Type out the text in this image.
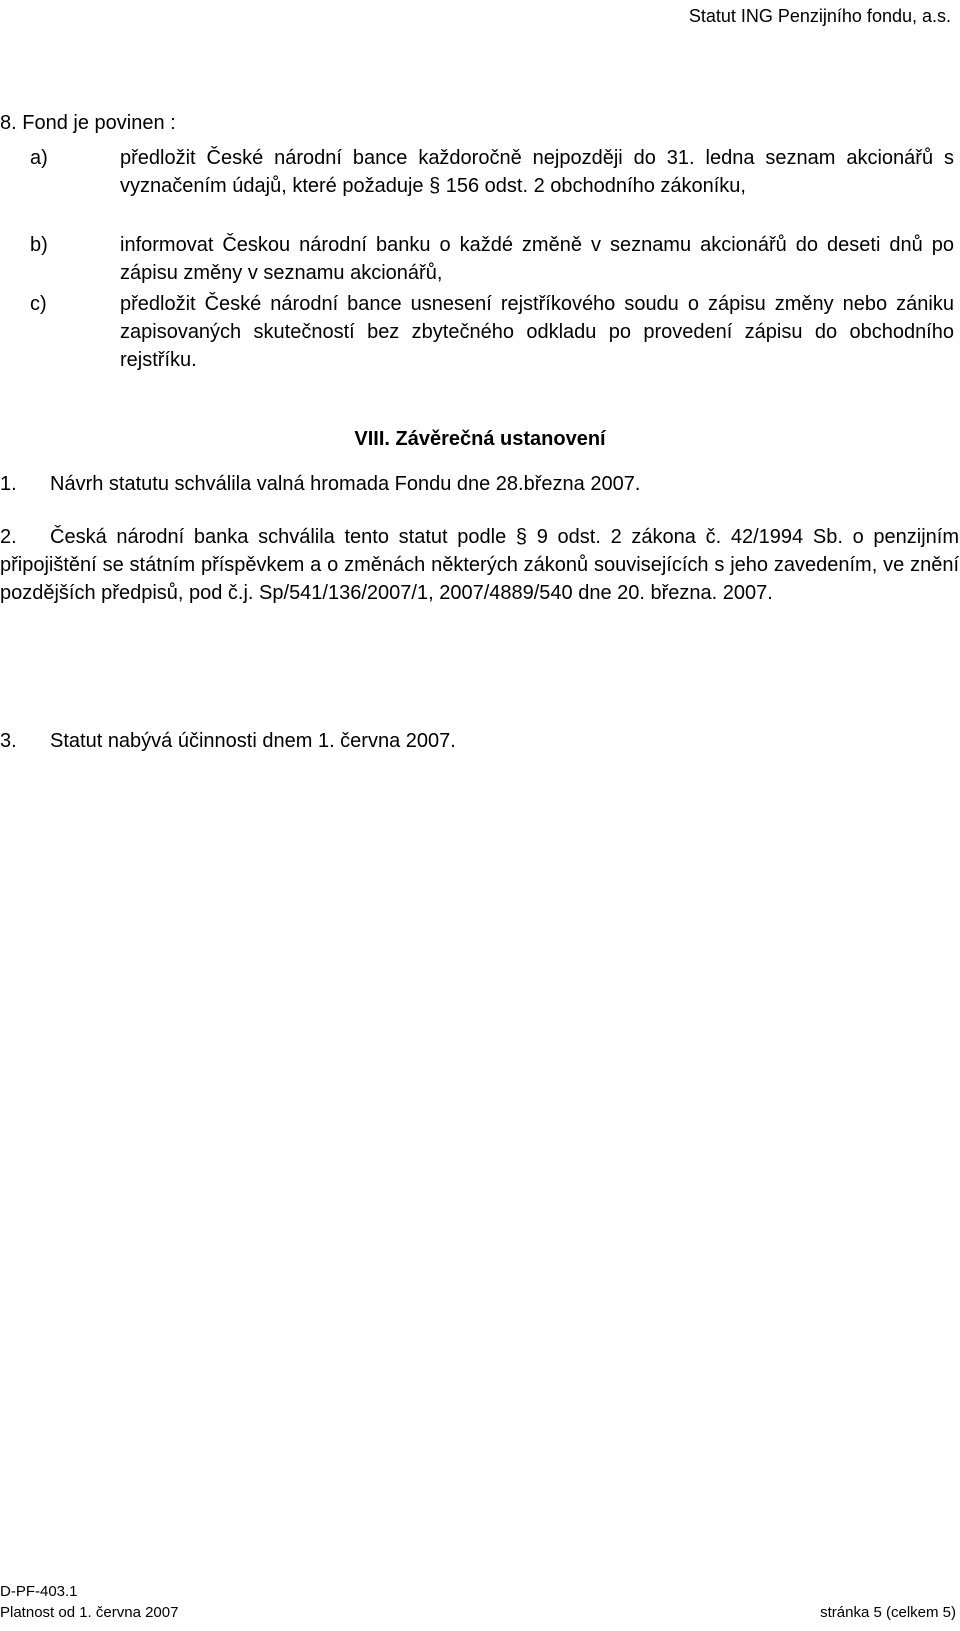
Statut ING Penzijního fondu, a.s.
8. Fond je povinen :
a)	předložit České národní bance každoročně nejpozději do 31. ledna seznam akcionářů s vyznačením údajů, které požaduje § 156 odst. 2 obchodního zákoníku,
b)	informovat Českou národní banku o každé změně v seznamu akcionářů do deseti dnů po zápisu změny v seznamu akcionářů,
c)	předložit České národní bance usnesení rejstříkového soudu o zápisu změny nebo zániku zapisovaných skutečností bez zbytečného odkladu po provedení zápisu do obchodního rejstříku.
VIII. Závěrečná ustanovení
1.	Návrh statutu schválila valná hromada Fondu dne 28.března 2007.
2.	Česká národní banka schválila tento statut podle § 9 odst. 2 zákona č. 42/1994 Sb. o penzijním připojištění se státním příspěvkem a o změnách některých zákonů souvisejících s jeho zavedením, ve znění pozdějších předpisů, pod č.j. Sp/541/136/2007/1, 2007/4889/540 dne 20. března. 2007.
3.	Statut nabývá účinnosti dnem 1. června 2007.
D-PF-403.1
Platnost od 1. června 2007	stránka 5 (celkem 5)
